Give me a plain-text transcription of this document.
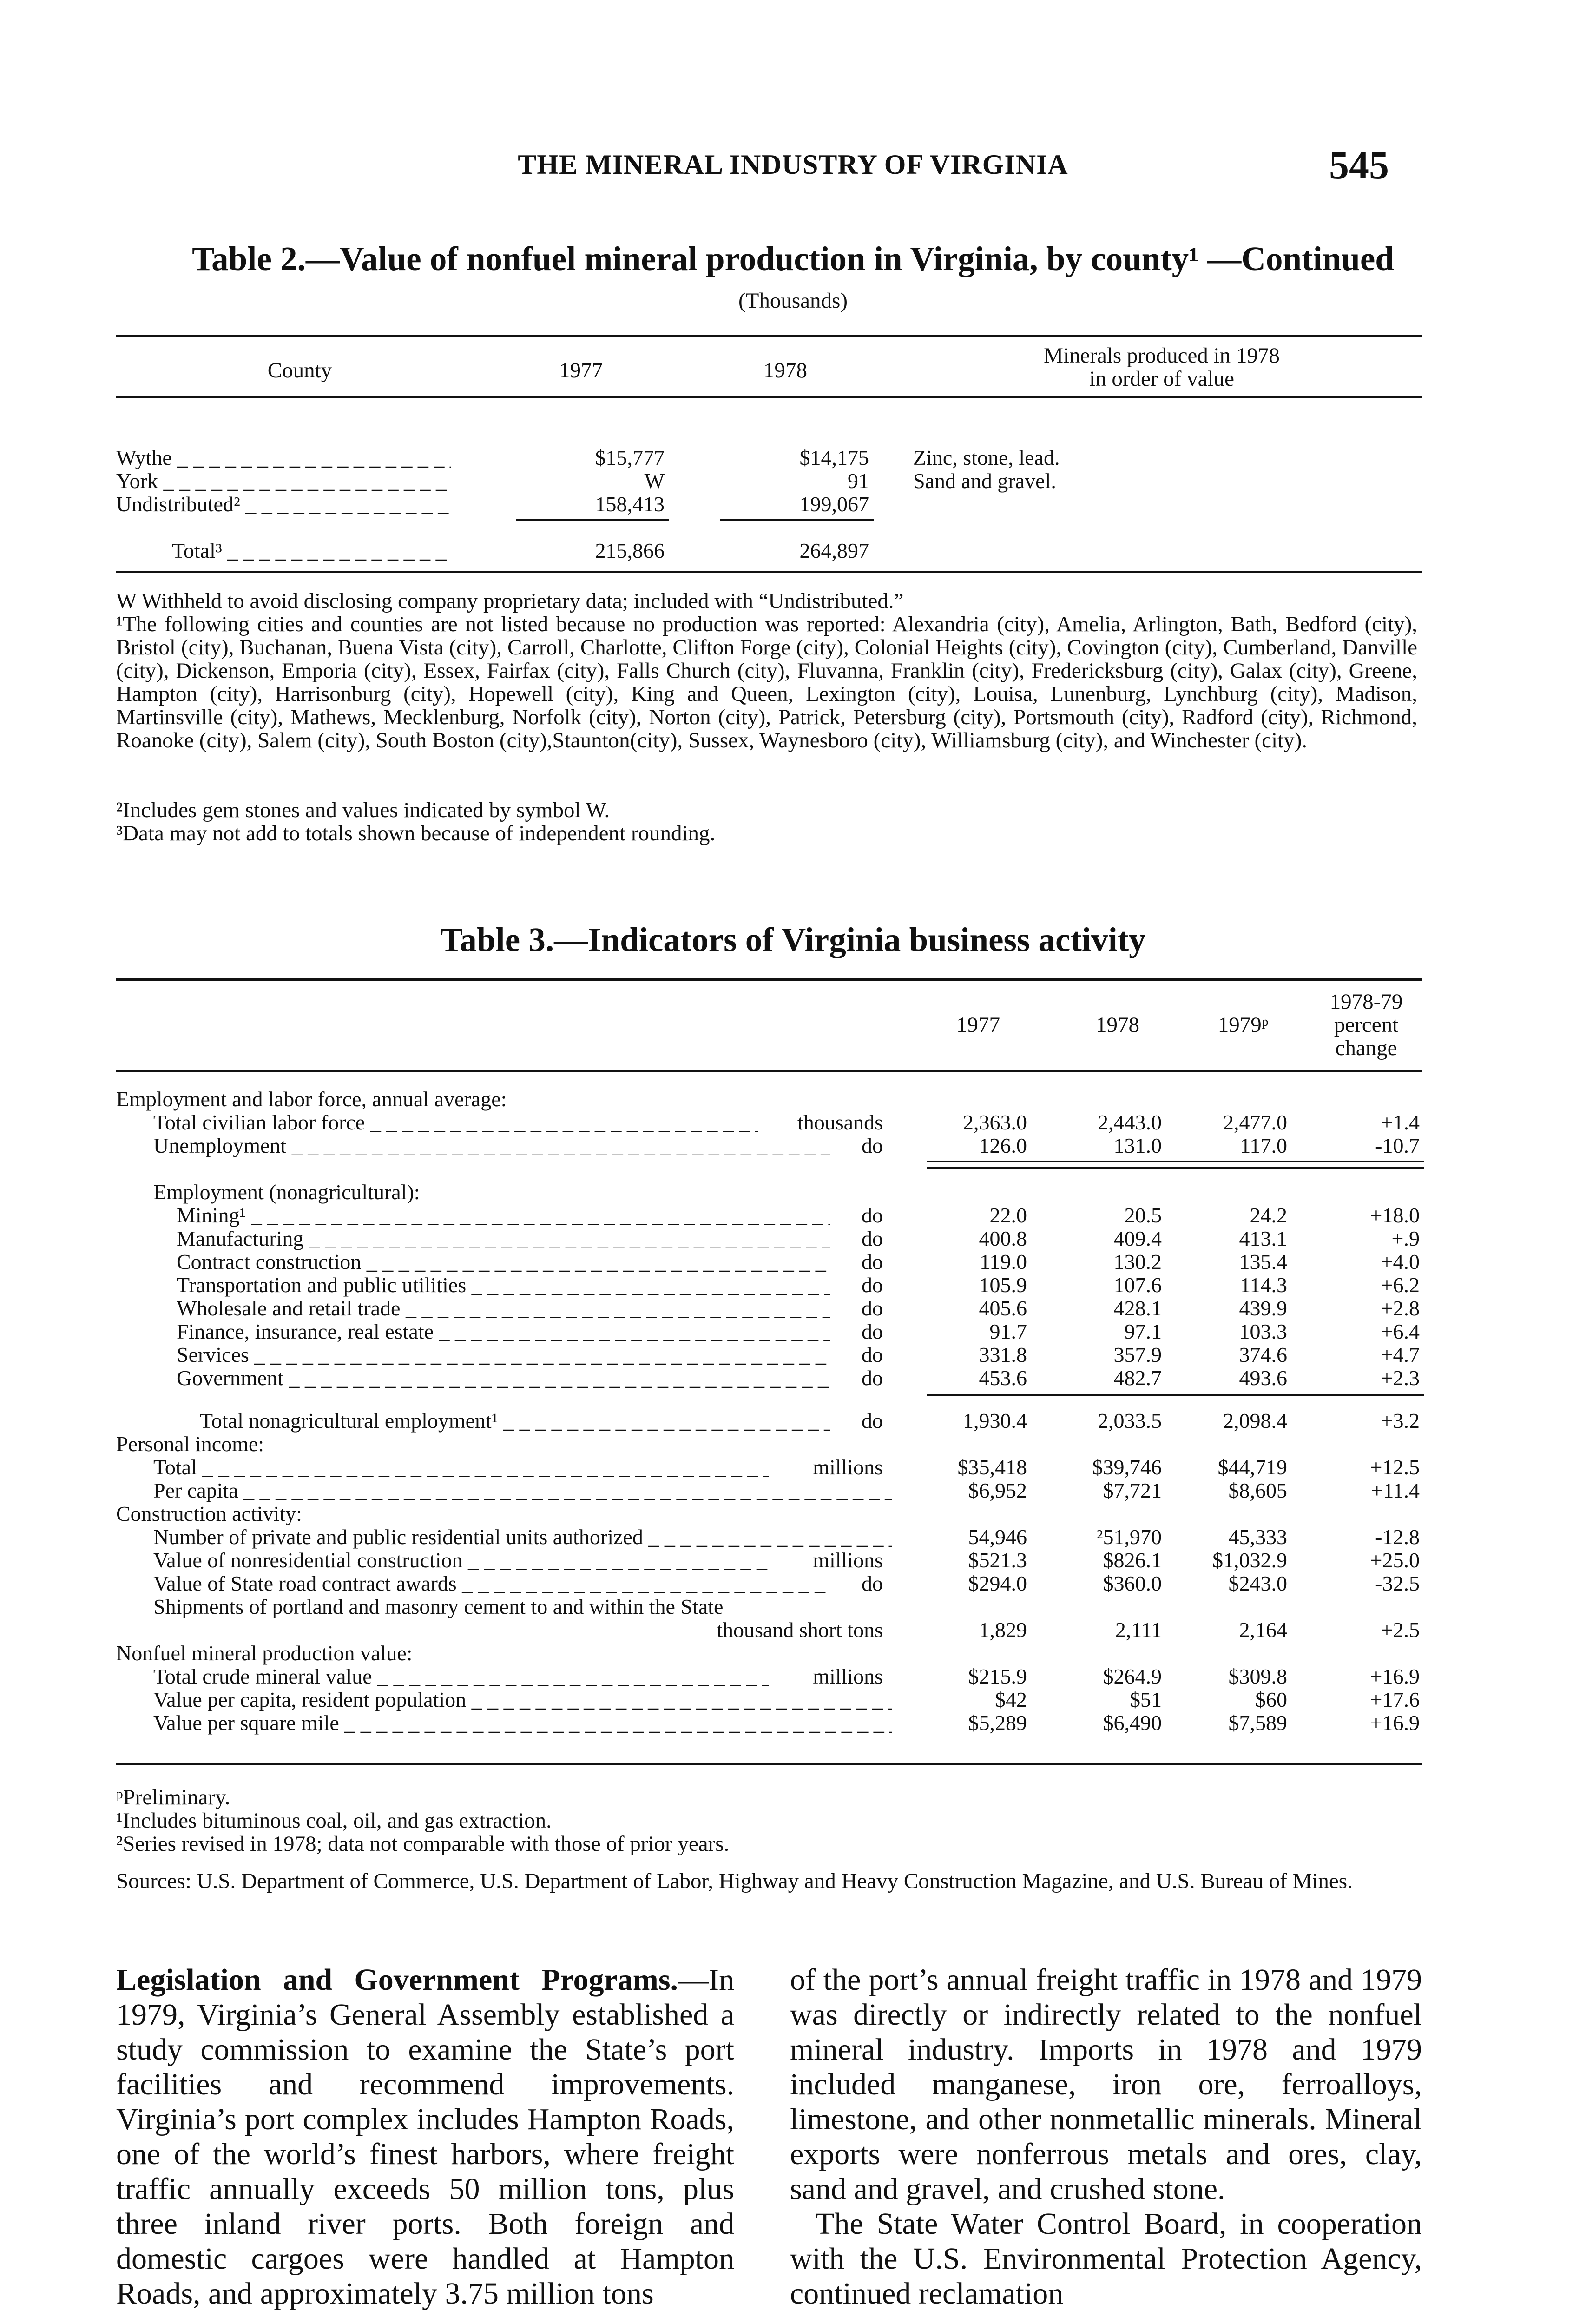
THE MINERAL INDUSTRY OF VIRGINIA	545
Table 2.—Value of nonfuel mineral production in Virginia, by county¹ —Continued
(Thousands)
County	1977	1978
Minerals produced in 1978
in order of value
Wythe _ _ _	$15,777	$14,175 Zinc, stone, lead.
York _ _ _	W	91 Sand and gravel.
Undistributed² _ _ _	158,413	199,067
Total³ _ _ _	215,866	264,897
W Withheld to avoid disclosing company proprietary data; included with “Undistributed.”
¹The following cities and counties are not listed because no production was reported: Alexandria (city), Amelia, Arlington, Bath, Bedford (city), Bristol (city), Buchanan, Buena Vista (city), Carroll, Charlotte, Clifton Forge (city), Colonial Heights (city), Covington (city), Cumberland, Danville (city), Dickenson, Emporia (city), Essex, Fairfax (city), Falls Church (city), Fluvanna, Franklin (city), Fredericksburg (city), Galax (city), Greene, Hampton (city), Harrisonburg (city), Hopewell (city), King and Queen, Lexington (city), Louisa, Lunenburg, Lynchburg (city), Madison, Martinsville (city), Mathews, Mecklenburg, Norfolk (city), Norton (city), Patrick, Petersburg (city), Portsmouth (city), Radford (city), Richmond, Roanoke (city), Salem (city), South Boston (city),Staunton(city), Sussex, Waynesboro (city), Williamsburg (city), and Winchester (city).
²Includes gem stones and values indicated by symbol W.
³Data may not add to totals shown because of independent rounding.
Table 3.—Indicators of Virginia business activity
1977	1978	1979ᵖ
1978-79
percent
change
Employment and labor force, annual average:
Total civilian labor force _ _ _	thousands	2,363.0	2,443.0	2,477.0	+1.4
Unemployment _ _ _	do	126.0	131.0	117.0	-10.7
Employment (nonagricultural):
Mining¹ _ _ _	do	22.0	20.5	24.2	+18.0
Manufacturing _ _ _	do	400.8	409.4	413.1	+.9
Contract construction _ _ _	do	119.0	130.2	135.4	+4.0
Transportation and public utilities _ _ _	do	105.9	107.6	114.3	+6.2
Wholesale and retail trade _ _ _	do	405.6	428.1	439.9	+2.8
Finance, insurance, real estate _ _ _	do	91.7	97.1	103.3	+6.4
Services _ _ _	do	331.8	357.9	374.6	+4.7
Government _ _ _	do	453.6	482.7	493.6	+2.3
Total nonagricultural employment¹ _ _ _	do	1,930.4	2,033.5	2,098.4	+3.2
Personal income:
Total _ _ _	millions	$35,418	$39,746	$44,719	+12.5
Per capita _ _ _	$6,952	$7,721	$8,605	+11.4
Construction activity:
Number of private and public residential units authorized _ _ _	54,946	²51,970	45,333	-12.8
Value of nonresidential construction _ _ _	millions	$521.3	$826.1	$1,032.9	+25.0
Value of State road contract awards _ _ _	do	$294.0	$360.0	$243.0	-32.5
Shipments of portland and masonry cement to and within the State
thousand short tons	1,829	2,111	2,164	+2.5
Nonfuel mineral production value:
Total crude mineral value _ _ _	millions	$215.9	$264.9	$309.8	+16.9
Value per capita, resident population _ _ _	$42	$51	$60	+17.6
Value per square mile _ _ _	$5,289	$6,490	$7,589	+16.9
ᵖPreliminary.
¹Includes bituminous coal, oil, and gas extraction.
²Series revised in 1978; data not comparable with those of prior years.
Sources: U.S. Department of Commerce, U.S. Department of Labor, Highway and Heavy Construction Magazine, and U.S. Bureau of Mines.
Legislation and Government Programs.—In 1979, Virginia’s General Assembly established a study commission to examine the State’s port facilities and recommend improvements. Virginia’s port complex includes Hampton Roads, one of the world’s finest harbors, where freight traffic annually exceeds 50 million tons, plus three inland river ports. Both foreign and domestic cargoes were handled at Hampton Roads, and approximately 3.75 million tons
of the port’s annual freight traffic in 1978 and 1979 was directly or indirectly related to the nonfuel mineral industry. Imports in 1978 and 1979 included manganese, iron ore, ferroalloys, limestone, and other nonmetallic minerals. Mineral exports were nonferrous metals and ores, clay, sand and gravel, and crushed stone.
The State Water Control Board, in cooperation with the U.S. Environmental Protection Agency, continued reclamation
